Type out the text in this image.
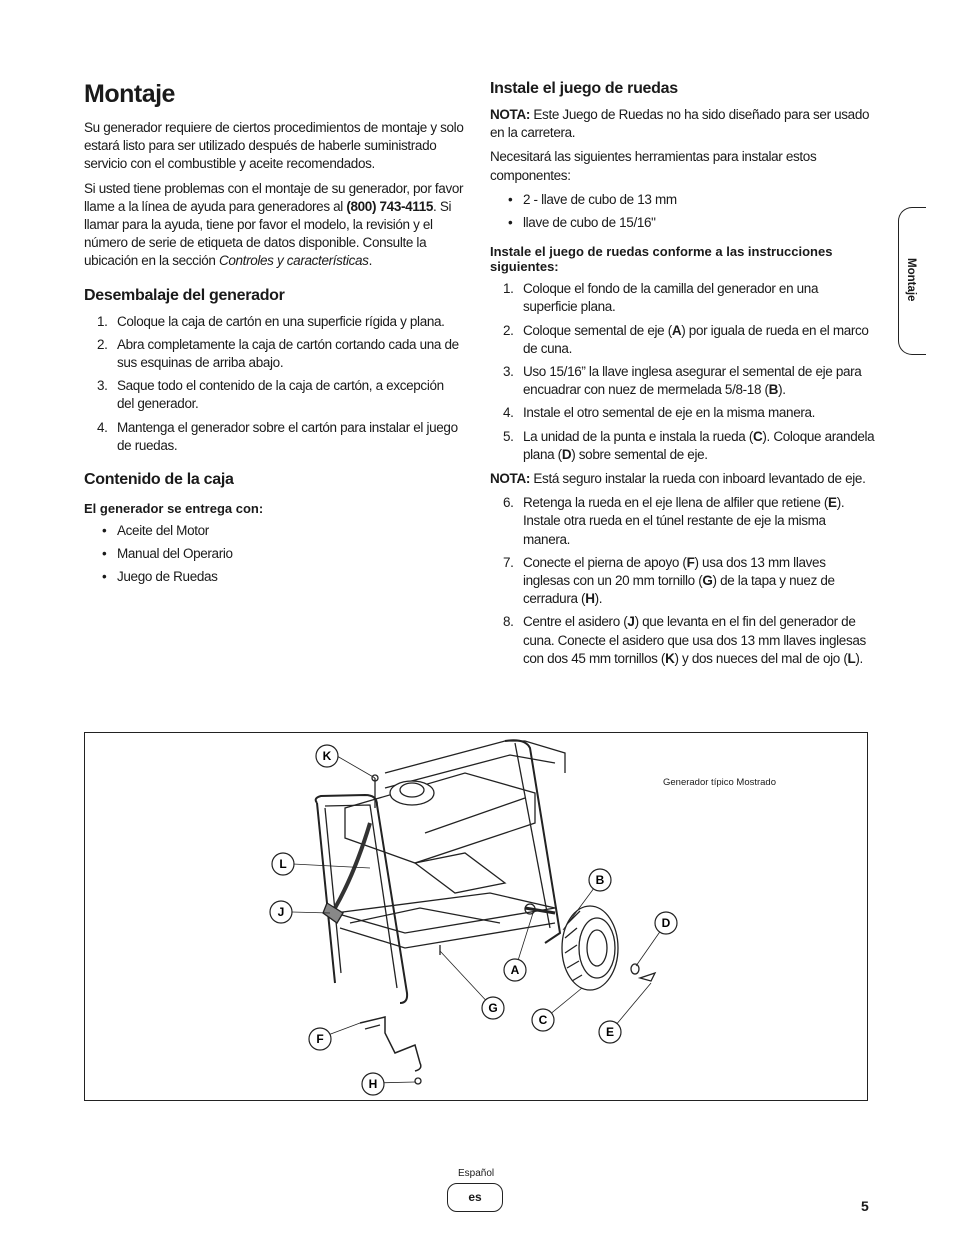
Montaje

Su generador requiere de ciertos procedimientos de montaje y solo estará listo para ser utilizado después de haberle suministrado servicio con el combustible y aceite recomendados.

Si usted tiene problemas con el montaje de su generador, por favor llame a la línea de ayuda para generadores al (800) 743-4115. Si llamar para la ayuda, tiene por favor el modelo, la revisión y el número de serie de etiqueta de datos disponible. Consulte la ubicación en la sección Controles y características.

Desembalaje del generador
1. Coloque la caja de cartón en una superficie rígida y plana.
2. Abra completamente la caja de cartón cortando cada una de sus esquinas de arriba abajo.
3. Saque todo el contenido de la caja de cartón, a excepción del generador.
4. Mantenga el generador sobre el cartón para instalar el juego de ruedas.
Contenido de la caja
El generador se entrega con:
• Aceite del Motor
• Manual del Operario
• Juego de Ruedas
Instale el juego de ruedas

NOTA: Este Juego de Ruedas no ha sido diseñado para ser usado en la carretera.

Necesitará las siguientes herramientas para instalar estos componentes:

• 2 - llave de cubo de 13 mm
• llave de cubo de 15/16"
Instale el juego de ruedas conforme a las instrucciones siguientes:
1. Coloque el fondo de la camilla del generador en una superficie plana.
2. Coloque semental de eje (A) por iguala de rueda en el marco de cuna.
3. Uso 15/16” la llave inglesa asegurar el semental de eje para encuadrar con nuez de mermelada 5/8-18 (B).
4. Instale el otro semental de eje en la misma manera.
5. La unidad de la punta e instala la rueda (C). Coloque arandela plana (D) sobre semental de eje.

NOTA: Está seguro instalar la rueda con inboard levantado de eje.

6. Retenga la rueda en el eje llena de alfiler que retiene (E). Instale otra rueda en el túnel restante de eje la misma manera.
7. Conecte el pierna de apoyo (F) usa dos 13 mm llaves inglesas con un 20 mm tornillo (G) de la tapa y nuez de cerradura (H).
8. Centre el asidero (J) que levanta en el fin del generador de cuna. Conecte el asidero que usa dos 13 mm llaves inglesas con dos 45 mm tornillos (K) y dos nueces del mal de ojo (L).
Generador típico Mostrado
K
L
J
B
D
A
G
C
E
F
H
Montaje
Español
es
5
